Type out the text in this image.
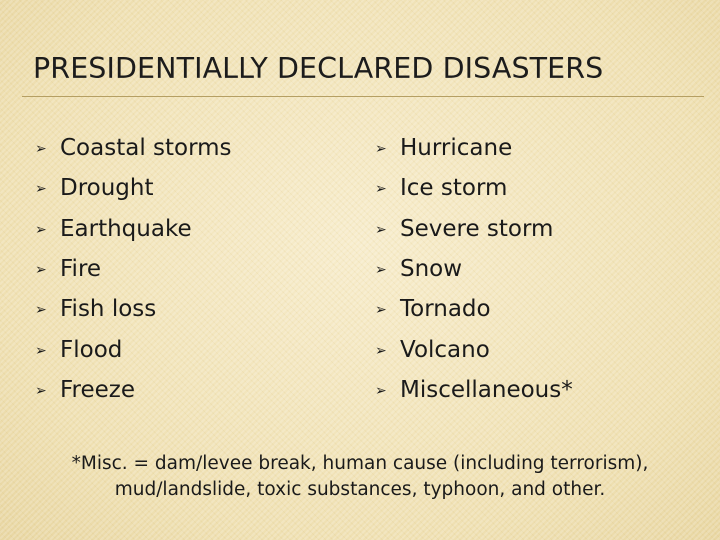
PRESIDENTIALLY DECLARED DISASTERS
➢ Coastal storms
➢ Drought
➢ Earthquake
➢ Fire
➢ Fish loss
➢ Flood
➢ Freeze
➢ Hurricane
➢ Ice storm
➢ Severe storm
➢ Snow
➢ Tornado
➢ Volcano
➢ Miscellaneous*

*Misc. = dam/levee break, human cause (including terrorism),
mud/landslide, toxic substances, typhoon, and other.
